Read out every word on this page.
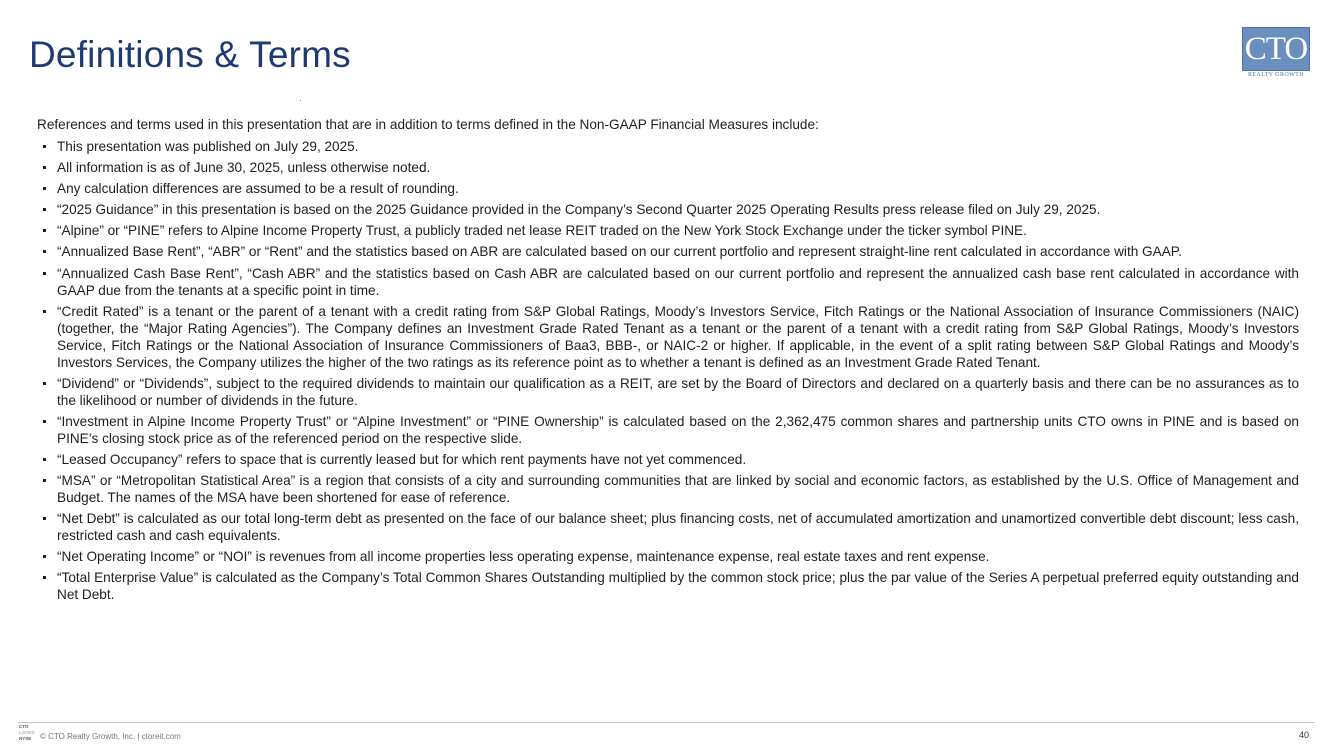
Definitions & Terms	CTO
REALTY GROWTH

References and terms used in this presentation that are in addition to terms defined in the Non-GAAP Financial Measures include:

This presentation was published on July 29, 2025.
All information is as of June 30, 2025, unless otherwise noted.
Any calculation differences are assumed to be a result of rounding.
“2025 Guidance” in this presentation is based on the 2025 Guidance provided in the Company’s Second Quarter 2025 Operating Results press release filed on July 29, 2025.
“Alpine” or “PINE” refers to Alpine Income Property Trust, a publicly traded net lease REIT traded on the New York Stock Exchange under the ticker symbol PINE.
“Annualized Base Rent”, “ABR” or “Rent” and the statistics based on ABR are calculated based on our current portfolio and represent straight-line rent calculated in accordance with GAAP.
“Annualized Cash Base Rent”, “Cash ABR” and the statistics based on Cash ABR are calculated based on our current portfolio and represent the annualized cash base rent calculated in accordance with GAAP due from the tenants at a specific point in time.
“Credit Rated” is a tenant or the parent of a tenant with a credit rating from S&P Global Ratings, Moody’s Investors Service, Fitch Ratings or the National Association of Insurance Commissioners (NAIC) (together, the “Major Rating Agencies”). The Company defines an Investment Grade Rated Tenant as a tenant or the parent of a tenant with a credit rating from S&P Global Ratings, Moody’s Investors Service, Fitch Ratings or the National Association of Insurance Commissioners of Baa3, BBB-, or NAIC-2 or higher. If applicable, in the event of a split rating between S&P Global Ratings and Moody’s Investors Services, the Company utilizes the higher of the two ratings as its reference point as to whether a tenant is defined as an Investment Grade Rated Tenant.
“Dividend” or “Dividends”, subject to the required dividends to maintain our qualification as a REIT, are set by the Board of Directors and declared on a quarterly basis and there can be no assurances as to the likelihood or number of dividends in the future.
“Investment in Alpine Income Property Trust” or “Alpine Investment” or “PINE Ownership” is calculated based on the 2,362,475 common shares and partnership units CTO owns in PINE and is based on PINE’s closing stock price as of the referenced period on the respective slide.
“Leased Occupancy” refers to space that is currently leased but for which rent payments have not yet commenced.
“MSA” or “Metropolitan Statistical Area” is a region that consists of a city and surrounding communities that are linked by social and economic factors, as established by the U.S. Office of Management and Budget. The names of the MSA have been shortened for ease of reference.
“Net Debt” is calculated as our total long-term debt as presented on the face of our balance sheet; plus financing costs, net of accumulated amortization and unamortized convertible debt discount; less cash, restricted cash and cash equivalents.
“Net Operating Income” or “NOI” is revenues from all income properties less operating expense, maintenance expense, real estate taxes and rent expense.
“Total Enterprise Value” is calculated as the Company’s Total Common Shares Outstanding multiplied by the common stock price; plus the par value of the Series A perpetual preferred equity outstanding and Net Debt.
CTO
LISTED
NYSE	© CTO Realty Growth, Inc. | ctoreit.com	40
